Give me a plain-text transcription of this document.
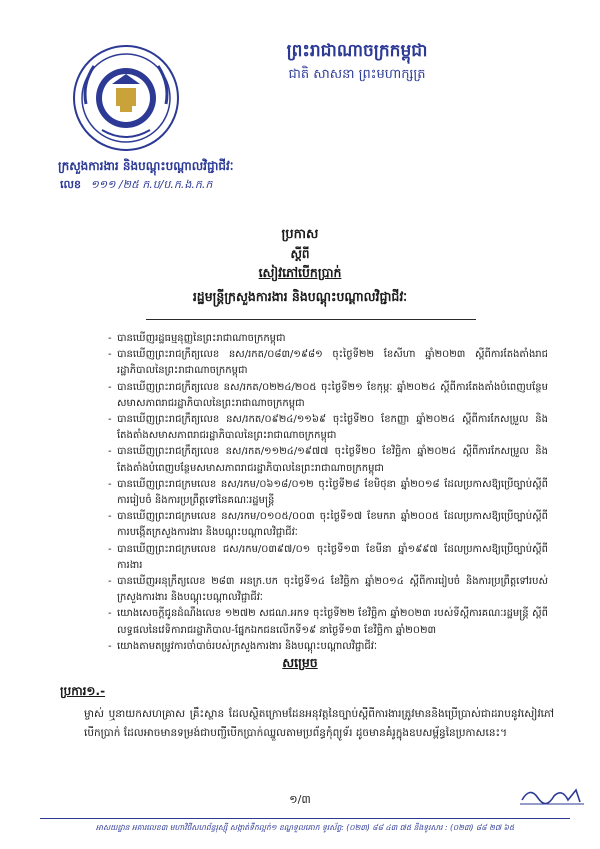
ព្រះរាជាណាចក្រកម្ពុជា
ជាតិ សាសនា ព្រះមហាក្សត្រ
ក្រសួងការងារ និងបណ្តុះបណ្តាលវិជ្ជាជីវៈ
លេខ ១១១ /២៥ ក.ប/ប.ក.ង.ក.ក
ប្រកាស
ស្តីពី
សៀវភៅបើកប្រាក់
រដ្ឋមន្ត្រីក្រសួងការងារ និងបណ្តុះបណ្តាលវិជ្ជាជីវៈ
- បានឃើញរដ្ឋធម្មនុញ្ញនៃព្រះរាជាណាចក្រកម្ពុជា
- បានឃើញព្រះរាជក្រឹត្យលេខ នស/រកត/០៨៣/១៩៨១ ចុះថ្ងៃទី២២ ខែសីហា ឆ្នាំ២០២៣ ស្តីពីការតែងតាំងរាជរដ្ឋាភិបាលនៃព្រះរាជាណាចក្រកម្ពុជា
- បានឃើញព្រះរាជក្រឹត្យលេខ នស/រកត/០២២៤/២០៥ ចុះថ្ងៃទី២១ ខែកុម្ភៈ ឆ្នាំ២០២៤ ស្តីពីការតែងតាំងបំពេញបន្ថែមសមាសភាពរាជរដ្ឋាភិបាលនៃព្រះរាជាណាចក្រកម្ពុជា
- បានឃើញព្រះរាជក្រឹត្យលេខ នស/រកត/០៩២៤/១១៦៩ ចុះថ្ងៃទី២០ ខែកញ្ញា ឆ្នាំ២០២៤ ស្តីពីការកែសម្រួល និងតែងតាំងសមាសភាពរាជរដ្ឋាភិបាលនៃព្រះរាជាណាចក្រកម្ពុជា
- បានឃើញព្រះរាជក្រឹត្យលេខ នស/រកត/១១២៤/១៩៧៧ ចុះថ្ងៃទី២០ ខែវិច្ឆិកា ឆ្នាំ២០២៤ ស្តីពីការកែសម្រួល និងតែងតាំងបំពេញបន្ថែមសមាសភាពរាជរដ្ឋាភិបាលនៃព្រះរាជាណាចក្រកម្ពុជា
- បានឃើញព្រះរាជក្រមលេខ នស/រកម/០៦១៨/០១២ ចុះថ្ងៃទី២៨ ខែមិថុនា ឆ្នាំ២០១៨ ដែលប្រកាសឱ្យប្រើច្បាប់ស្តីពីការរៀបចំ និងការប្រព្រឹត្តទៅនៃគណៈរដ្ឋមន្ត្រី
- បានឃើញព្រះរាជក្រមលេខ នស/រកម/០១០៥/០០៣ ចុះថ្ងៃទី១៧ ខែមករា ឆ្នាំ២០០៥ ដែលប្រកាសឱ្យប្រើច្បាប់ស្តីពីការបង្កើតក្រសួងការងារ និងបណ្តុះបណ្តាលវិជ្ជាជីវៈ
- បានឃើញព្រះរាជក្រមលេខ ជស/រកម/០៣៩៧/០១ ចុះថ្ងៃទី១៣ ខែមីនា ឆ្នាំ១៩៩៧ ដែលប្រកាសឱ្យប្រើច្បាប់ស្តីពីការងារ
- បានឃើញអនុក្រឹត្យលេខ ២៨៣ អនក្រ.បក ចុះថ្ងៃទី១៤ ខែវិច្ឆិកា ឆ្នាំ២០១៤ ស្តីពីការរៀបចំ និងការប្រព្រឹត្តទៅរបស់ក្រសួងការងារ និងបណ្តុះបណ្តាលវិជ្ជាជីវៈ
- យោងសេចក្តីជូនដំណឹងលេខ ១២៧២ សជណ.អកទ ចុះថ្ងៃទី២២ ខែវិច្ឆិកា ឆ្នាំ២០២៣ របស់ទីស្តីការគណៈរដ្ឋមន្ត្រី ស្តីពីលទ្ធផលនៃវេទិការាជរដ្ឋាភិបាល-ផ្នែកឯកជនលើកទី១៩ នាថ្ងៃទី១៣ ខែវិច្ឆិកា ឆ្នាំ២០២៣
- យោងតាមតម្រូវការចាំបាច់របស់ក្រសួងការងារ និងបណ្តុះបណ្តាលវិជ្ជាជីវៈ
សម្រេច
ប្រការ១.-
ម្ចាស់ ឬនាយកសហគ្រាស គ្រឹះស្ថាន ដែលស្ថិតក្រោមដែនអនុវត្តនៃច្បាប់ស្តីពីការងារត្រូវមាននិងប្រើប្រាស់ជាដរាបនូវសៀវភៅបើកប្រាក់ ដែលអាចមានទម្រង់ជាបញ្ជីបើកប្រាក់ឈ្នួលតាមប្រព័ន្ធកុំព្យូទ័រ ដូចមានគំរូក្នុងឧបសម្ព័ន្ធនៃប្រកាសនេះ។
១/៣
អាសយដ្ឋាន អគារលេខ៣ មហាវិថីសហព័ន្ធរុស្ស៊ី សង្កាត់ទឹកល្អក់១ ខណ្ឌទួលគោក ទូរស័ព្ទ: (០២៣) ៨៨ ៤៣ ៧៥ និងទូរសារ : (០២៣) ៨៨ ២៧ ៦៥
